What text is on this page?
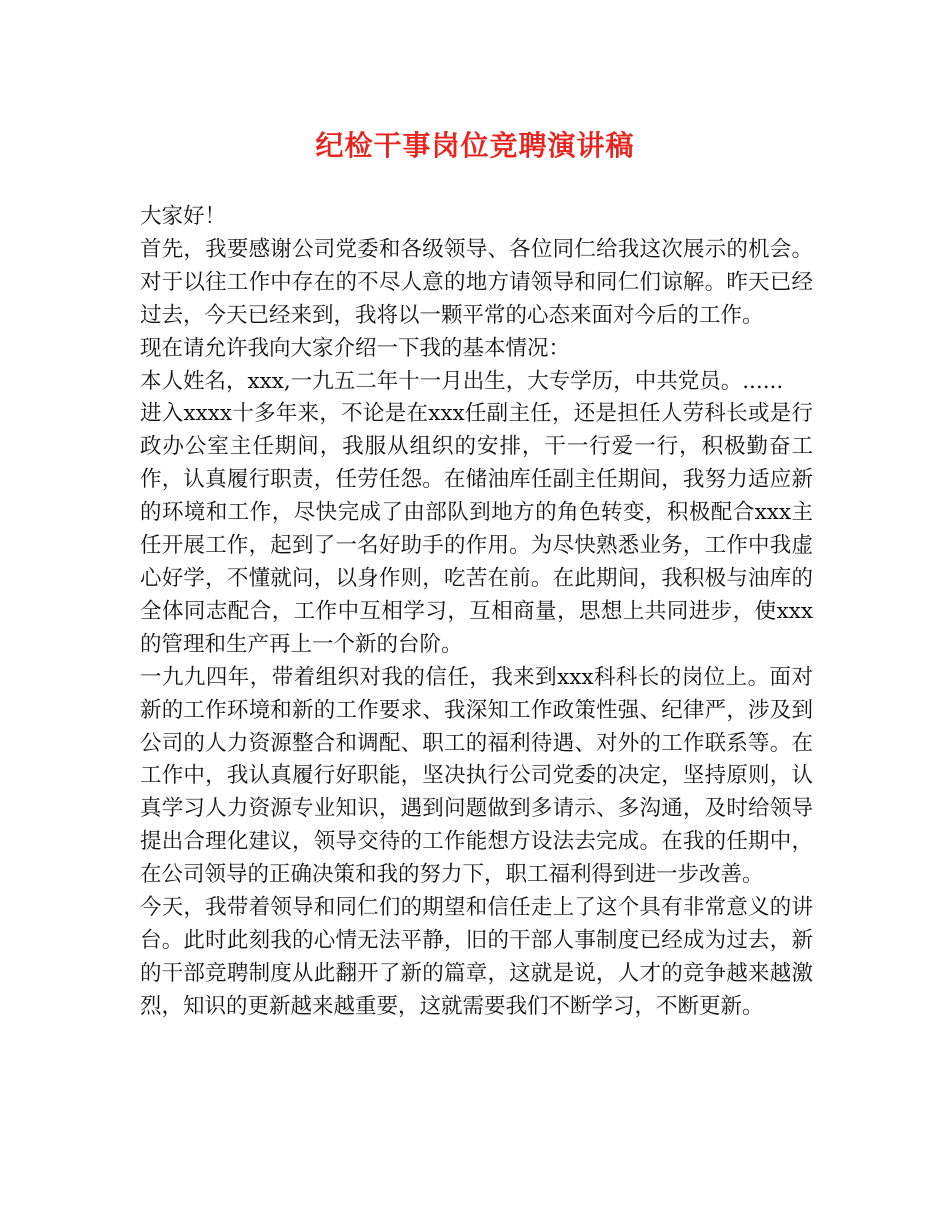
纪检干事岗位竞聘演讲稿

大家好！

首先，我要感谢公司党委和各级领导、各位同仁给我这次展示的机会。对于以往工作中存在的不尽人意的地方请领导和同仁们谅解。昨天已经过去，今天已经来到，我将以一颗平常的心态来面对今后的工作。

现在请允许我向大家介绍一下我的基本情况：

本人姓名，xxx,一九五二年十一月出生，大专学历，中共党员。......

进入xxxx十多年来，不论是在xxx任副主任，还是担任人劳科长或是行政办公室主任期间，我服从组织的安排，干一行爱一行，积极勤奋工作，认真履行职责，任劳任怨。在储油库任副主任期间，我努力适应新的环境和工作，尽快完成了由部队到地方的角色转变，积极配合xxx主任开展工作，起到了一名好助手的作用。为尽快熟悉业务，工作中我虚心好学，不懂就问，以身作则，吃苦在前。在此期间，我积极与油库的全体同志配合，工作中互相学习，互相商量，思想上共同进步，使xxx的管理和生产再上一个新的台阶。

一九九四年，带着组织对我的信任，我来到xxx科科长的岗位上。面对新的工作环境和新的工作要求、我深知工作政策性强、纪律严，涉及到公司的人力资源整合和调配、职工的福利待遇、对外的工作联系等。在工作中，我认真履行好职能，坚决执行公司党委的决定，坚持原则，认真学习人力资源专业知识，遇到问题做到多请示、多沟通，及时给领导提出合理化建议，领导交待的工作能想方设法去完成。在我的任期中，在公司领导的正确决策和我的努力下，职工福利得到进一步改善。

今天，我带着领导和同仁们的期望和信任走上了这个具有非常意义的讲台。此时此刻我的心情无法平静，旧的干部人事制度已经成为过去，新的干部竞聘制度从此翻开了新的篇章，这就是说，人才的竞争越来越激烈，知识的更新越来越重要，这就需要我们不断学习，不断更新。
